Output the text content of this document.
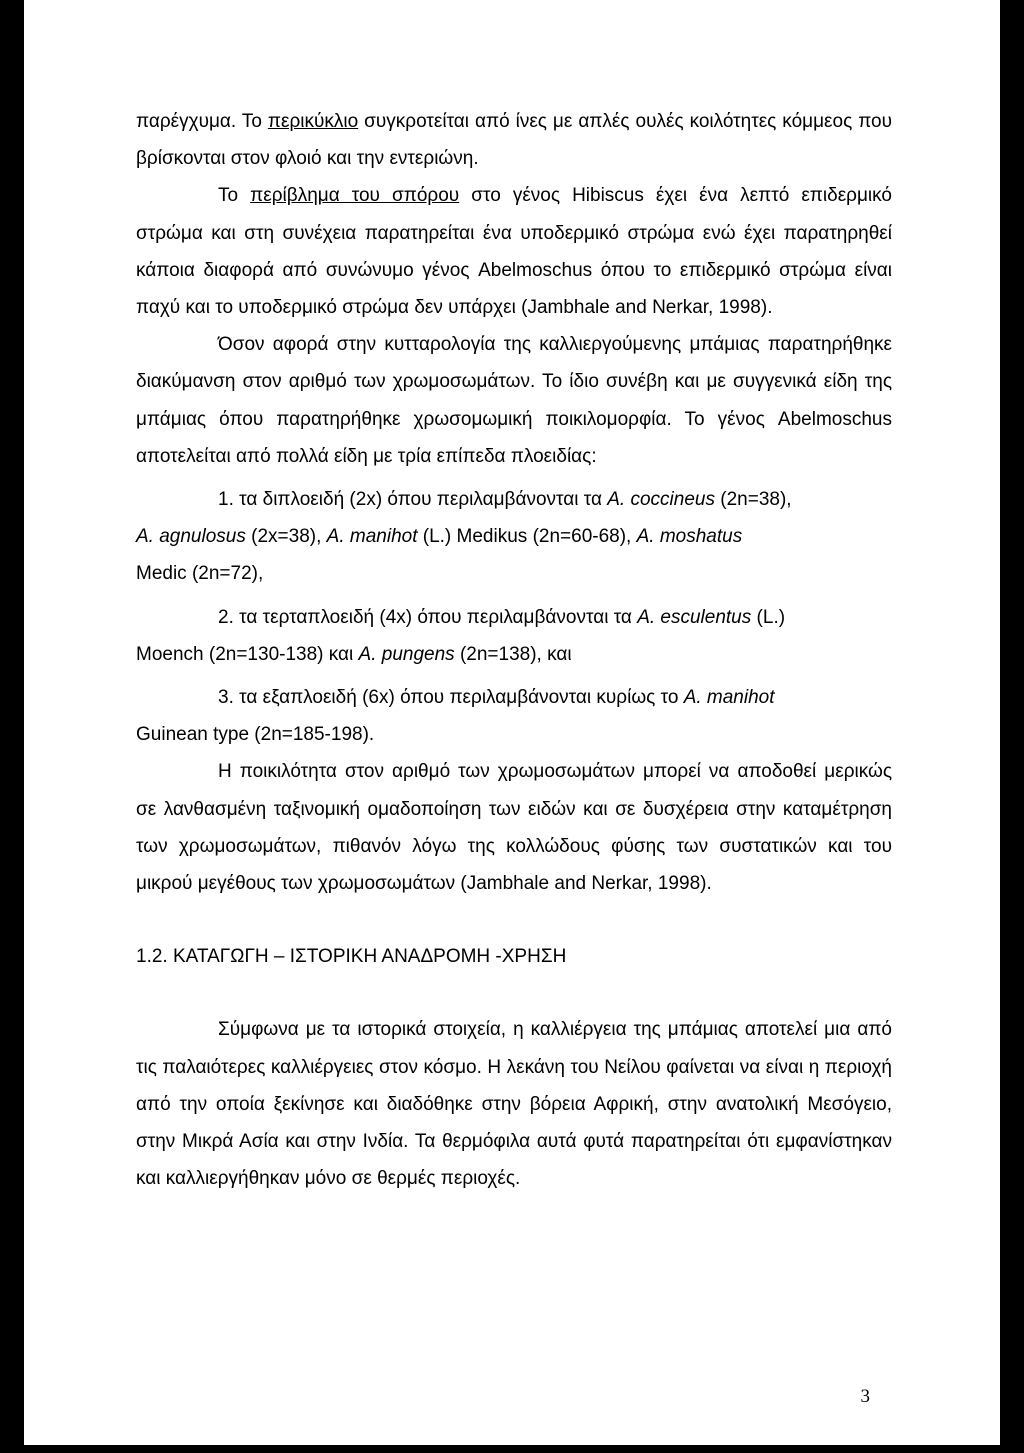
παρέγχυμα. Το περικύκλιο συγκροτείται από ίνες με απλές ουλές κοιλότητες κόμμεος που βρίσκονται στον φλοιό και την εντεριώνη.

Το περίβλημα του σπόρου στο γένος Hibiscus έχει ένα λεπτό επιδερμικό στρώμα και στη συνέχεια παρατηρείται ένα υποδερμικό στρώμα ενώ έχει παρατηρηθεί κάποια διαφορά από συνώνυμο γένος Abelmoschus όπου το επιδερμικό στρώμα είναι παχύ και το υποδερμικό στρώμα δεν υπάρχει (Jambhale and Nerkar, 1998).

Όσον αφορά στην κυτταρολογία της καλλιεργούμενης μπάμιας παρατηρήθηκε διακύμανση στον αριθμό των χρωμοσωμάτων. Το ίδιο συνέβη και με συγγενικά είδη της μπάμιας όπου παρατηρήθηκε χρωσομωμική ποικιλομορφία. Το γένος Abelmoschus αποτελείται από πολλά είδη με τρία επίπεδα πλοειδίας:

1. τα διπλοειδή (2x) όπου περιλαμβάνονται τα A. coccineus (2n=38),

A. agnulosus (2x=38), A. manihot (L.) Medikus (2n=60-68), A. moshatus

Medic (2n=72),

2. τα τερταπλοειδή (4x) όπου περιλαμβάνονται τα A. esculentus (L.)

Moench (2n=130-138) και A. pungens (2n=138), και

3. τα εξαπλοειδή (6x) όπου περιλαμβάνονται κυρίως το A. manihot

Guinean type (2n=185-198).

Η ποικιλότητα στον αριθμό των χρωμοσωμάτων μπορεί να αποδοθεί μερικώς σε λανθασμένη ταξινομική ομαδοποίηση των ειδών και σε δυσχέρεια στην καταμέτρηση των χρωμοσωμάτων, πιθανόν λόγω της κολλώδους φύσης των συστατικών και του μικρού μεγέθους των χρωμοσωμάτων (Jambhale and Nerkar, 1998).

1.2. ΚΑΤΑΓΩΓΗ – ΙΣΤΟΡΙΚΗ ΑΝΑΔΡΟΜΗ -ΧΡΗΣΗ

Σύμφωνα με τα ιστορικά στοιχεία, η καλλιέργεια της μπάμιας αποτελεί μια από τις παλαιότερες καλλιέργειες στον κόσμο. Η λεκάνη του Νείλου φαίνεται να είναι η περιοχή από την οποία ξεκίνησε και διαδόθηκε στην βόρεια Αφρική, στην ανατολική Μεσόγειο, στην Μικρά Ασία και στην Ινδία. Τα θερμόφιλα αυτά φυτά παρατηρείται ότι εμφανίστηκαν και καλλιεργήθηκαν μόνο σε θερμές περιοχές.

3
